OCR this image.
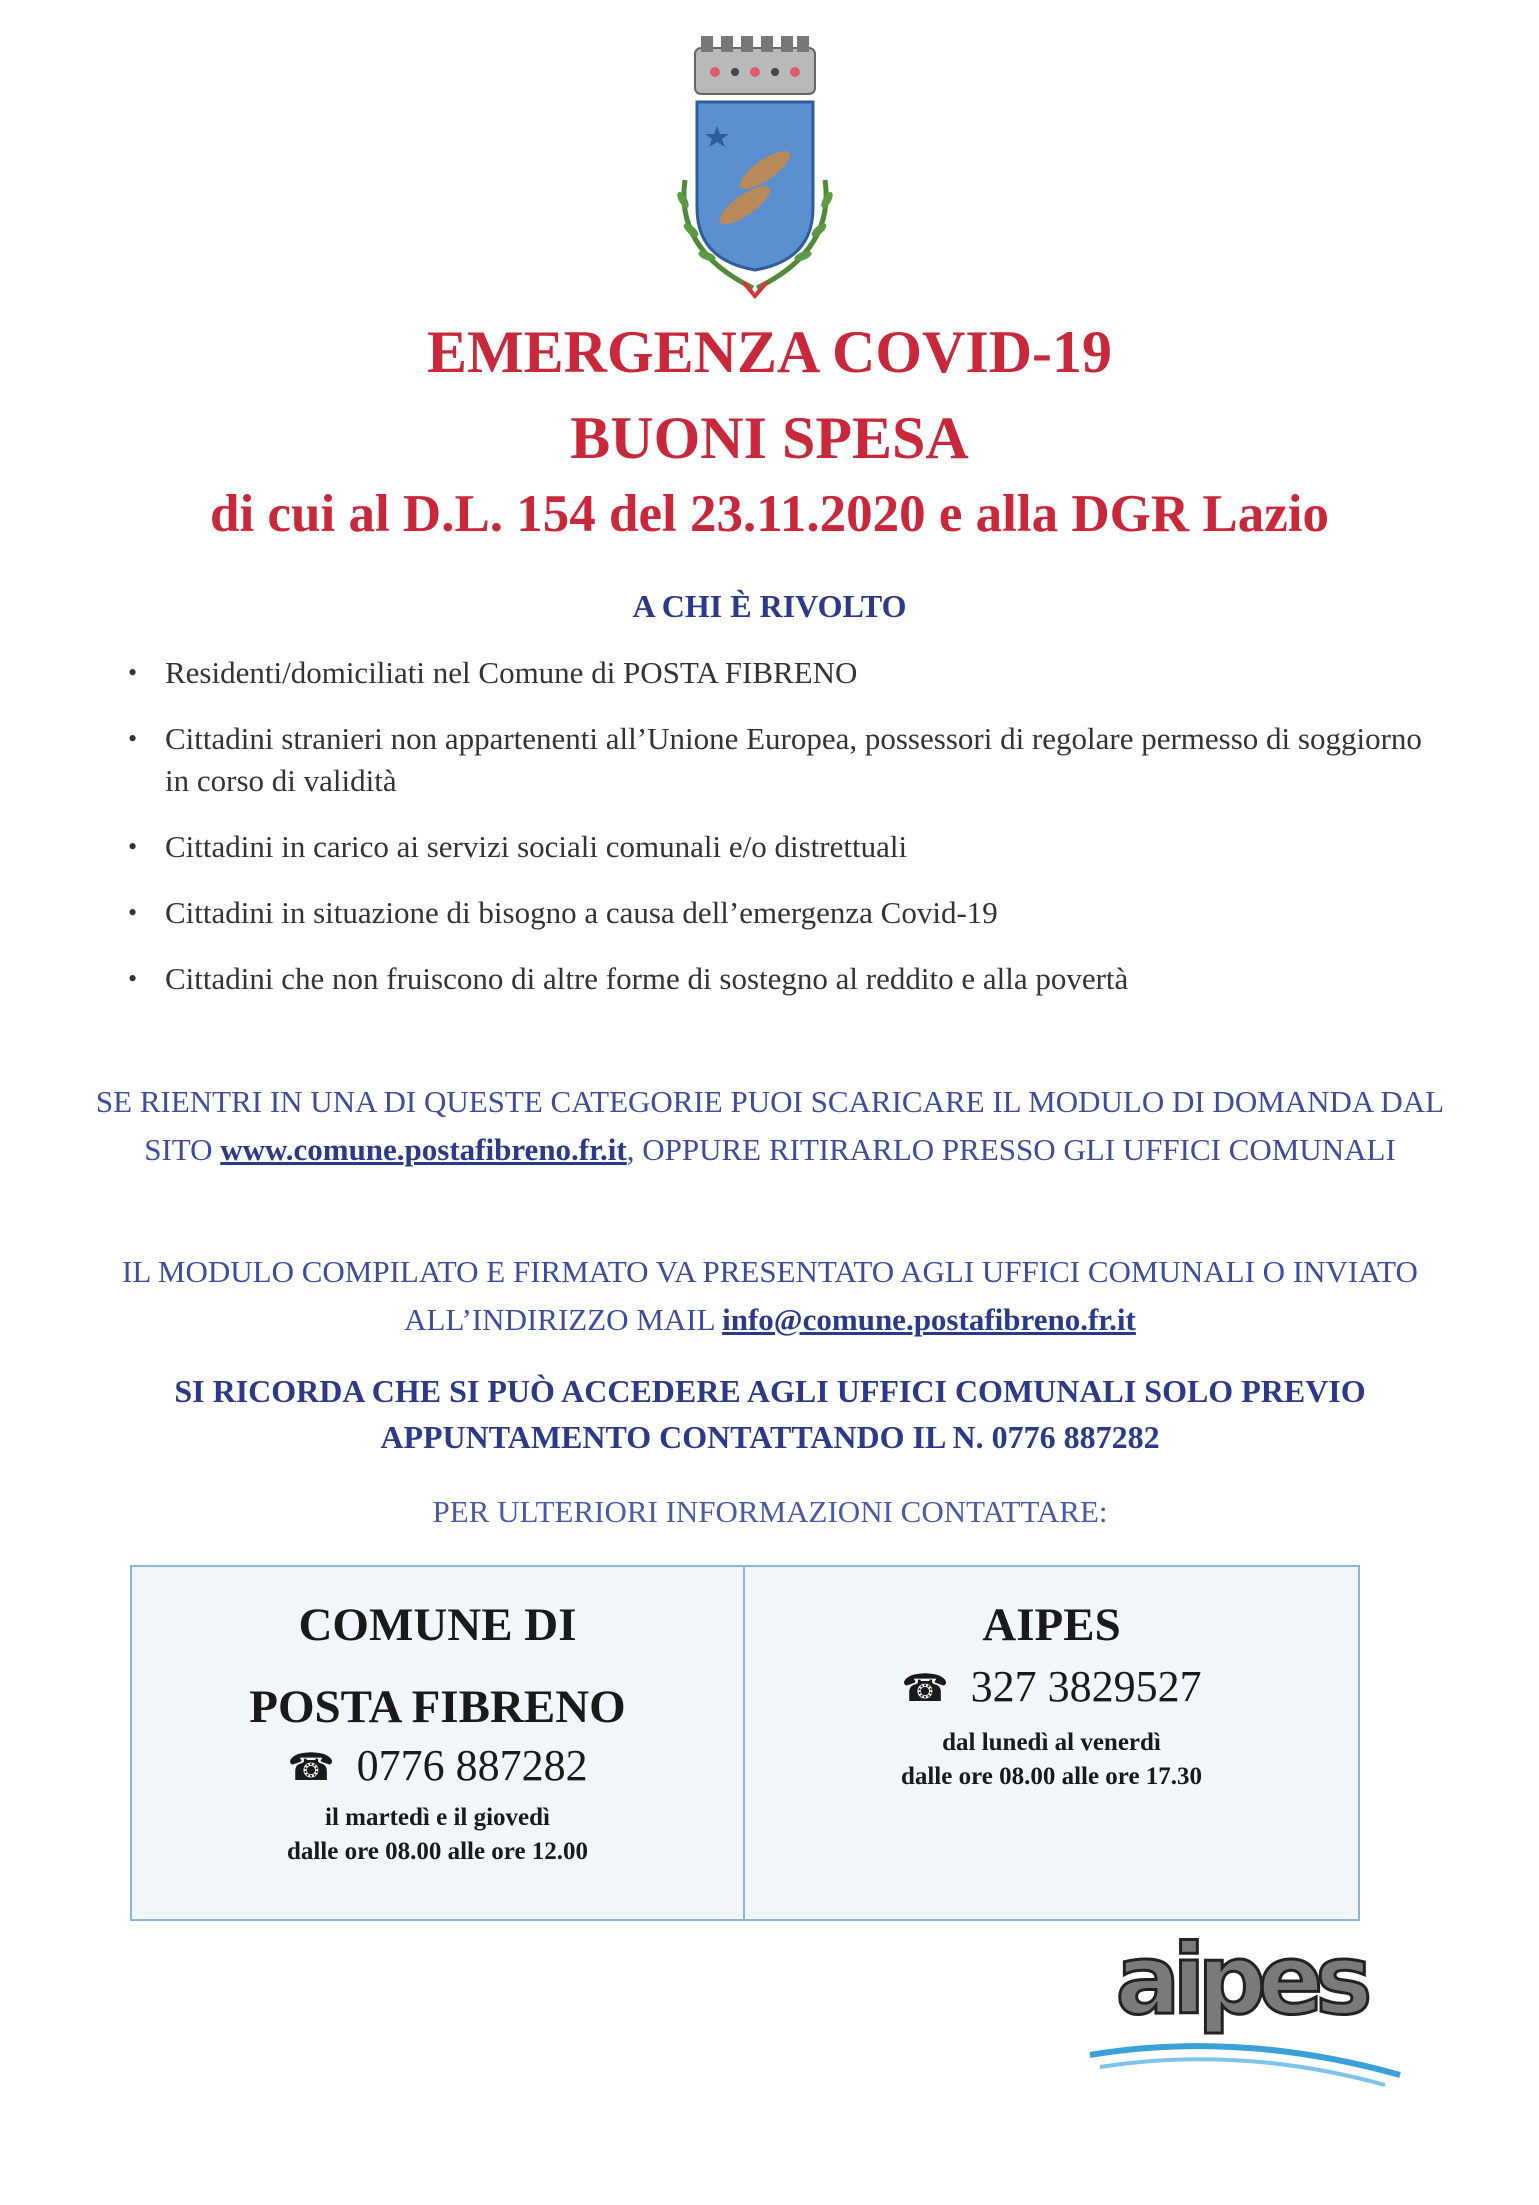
EMERGENZA COVID-19
BUONI SPESA
di cui al D.L. 154 del 23.11.2020 e alla DGR Lazio
A CHI È RIVOLTO
• Residenti/domiciliati nel Comune di POSTA FIBRENO
• Cittadini stranieri non appartenenti all’Unione Europea, possessori di regolare permesso di soggiorno in corso di validità
• Cittadini in carico ai servizi sociali comunali e/o distrettuali
• Cittadini in situazione di bisogno a causa dell’emergenza Covid-19
• Cittadini che non fruiscono di altre forme di sostegno al reddito e alla povertà

SE RIENTRI IN UNA DI QUESTE CATEGORIE PUOI SCARICARE IL MODULO DI DOMANDA DAL SITO www.comune.postafibreno.fr.it, OPPURE RITIRARLO PRESSO GLI UFFICI COMUNALI

IL MODULO COMPILATO E FIRMATO VA PRESENTATO AGLI UFFICI COMUNALI O INVIATO ALL’INDIRIZZO MAIL info@comune.postafibreno.fr.it

SI RICORDA CHE SI PUÒ ACCEDERE AGLI UFFICI COMUNALI SOLO PREVIO
APPUNTAMENTO CONTATTANDO IL N. 0776 887282

PER ULTERIORI INFORMAZIONI CONTATTARE:

COMUNE DI

POSTA FIBRENO

☎ 0776 887282

il martedì e il giovedì

dalle ore 08.00 alle ore 12.00

AIPES

☎ 327 3829527

dal lunedì al venerdì

dalle ore 08.00 alle ore 17.30

aipes
